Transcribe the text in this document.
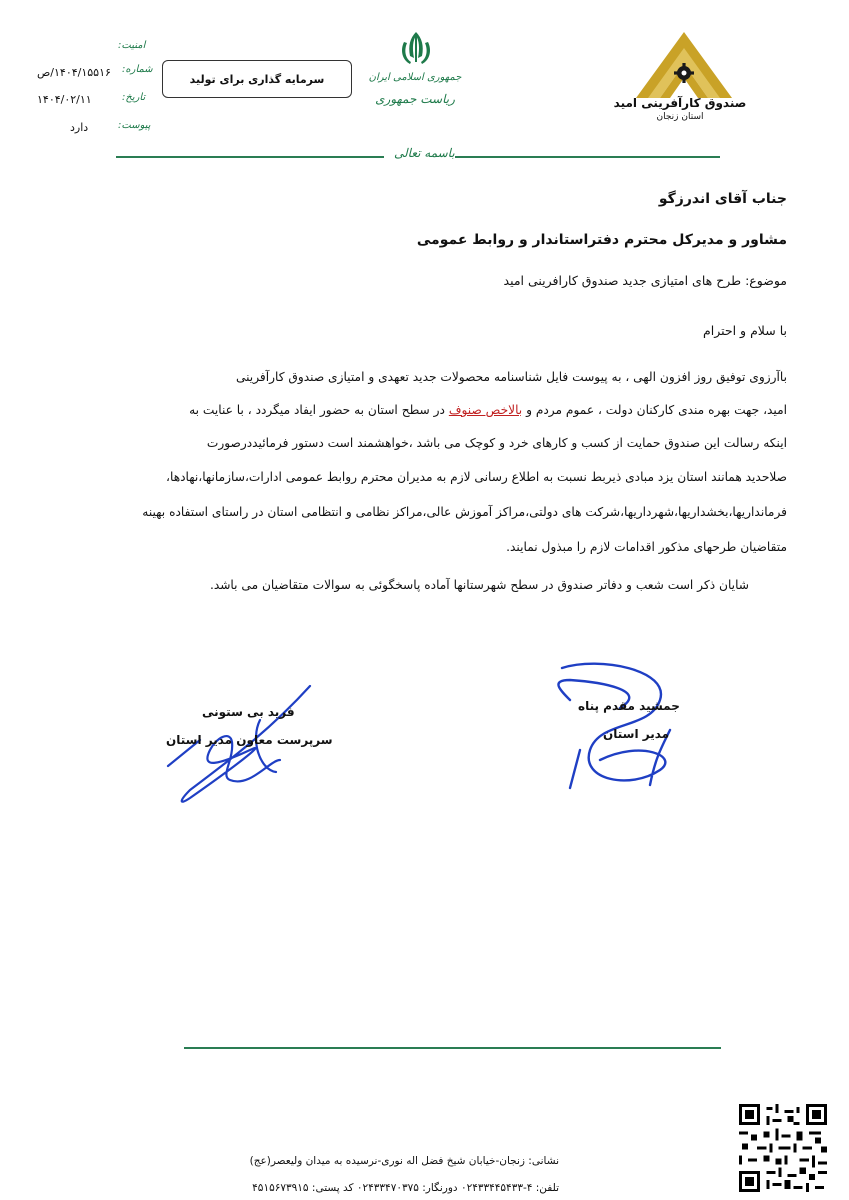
صندوق کارآفرینی امید
استان زنجان
جمهوری اسلامی ایران
ریاست جمهوری
سرمایه گذاری برای تولید
امنیت:
شماره:
۱۴۰۴/۱۵۵۱۶/ص
تاریخ:
۱۴۰۴/۰۲/۱۱
پیوست:
دارد
باسمه تعالی
جناب آقای اندرزگو
مشاور و مدیرکل محترم دفتراستاندار و روابط عمومی
موضوع: طرح های امتیازی جدید صندوق کارافرینی امید
با سلام و احترام
باآرزوی توفیق روز افزون الهی ، به پیوست فایل شناسنامه محصولات جدید تعهدی و امتیازی صندوق کارآفرینی
امید، جهت بهره مندی کارکنان دولت ، عموم مردم و بالاخص صنوف در سطح استان به حضور ایفاد میگردد ، با عنایت به
اینکه رسالت این صندوق حمایت از کسب و کارهای خرد و کوچک می باشد ،خواهشمند است دستور فرمائیددرصورت
صلاحدید همانند استان یزد مبادی ذیربط نسبت به اطلاع رسانی لازم به مدیران محترم روابط عمومی ادارات،سازمانها،نهادها،
فرمانداریها،بخشداریها،شهرداریها،شرکت های دولتی،مراکز آموزش عالی،مراکز نظامی و انتظامی استان در راستای استفاده بهینه
متقاضیان طرحهای مذکور اقدامات لازم را مبذول نمایند.
شایان ذکر است شعب و دفاتر صندوق در سطح شهرستانها آماده پاسخگوئی به سوالات متقاضیان می باشد.
جمشید مقدم پناه
مدیر استان
فرید بی ستونی
سرپرست معاون مدیر استان
نشانی: زنجان-خیابان شیخ فضل اله نوری-نرسیده به میدان ولیعصر(عج)
تلفن: ۴-۰۲۴۳۳۴۴۵۴۳۳ دورنگار: ۰۲۴۳۳۴۷۰۳۷۵ کد پستی: ۴۵۱۵۶۷۳۹۱۵
